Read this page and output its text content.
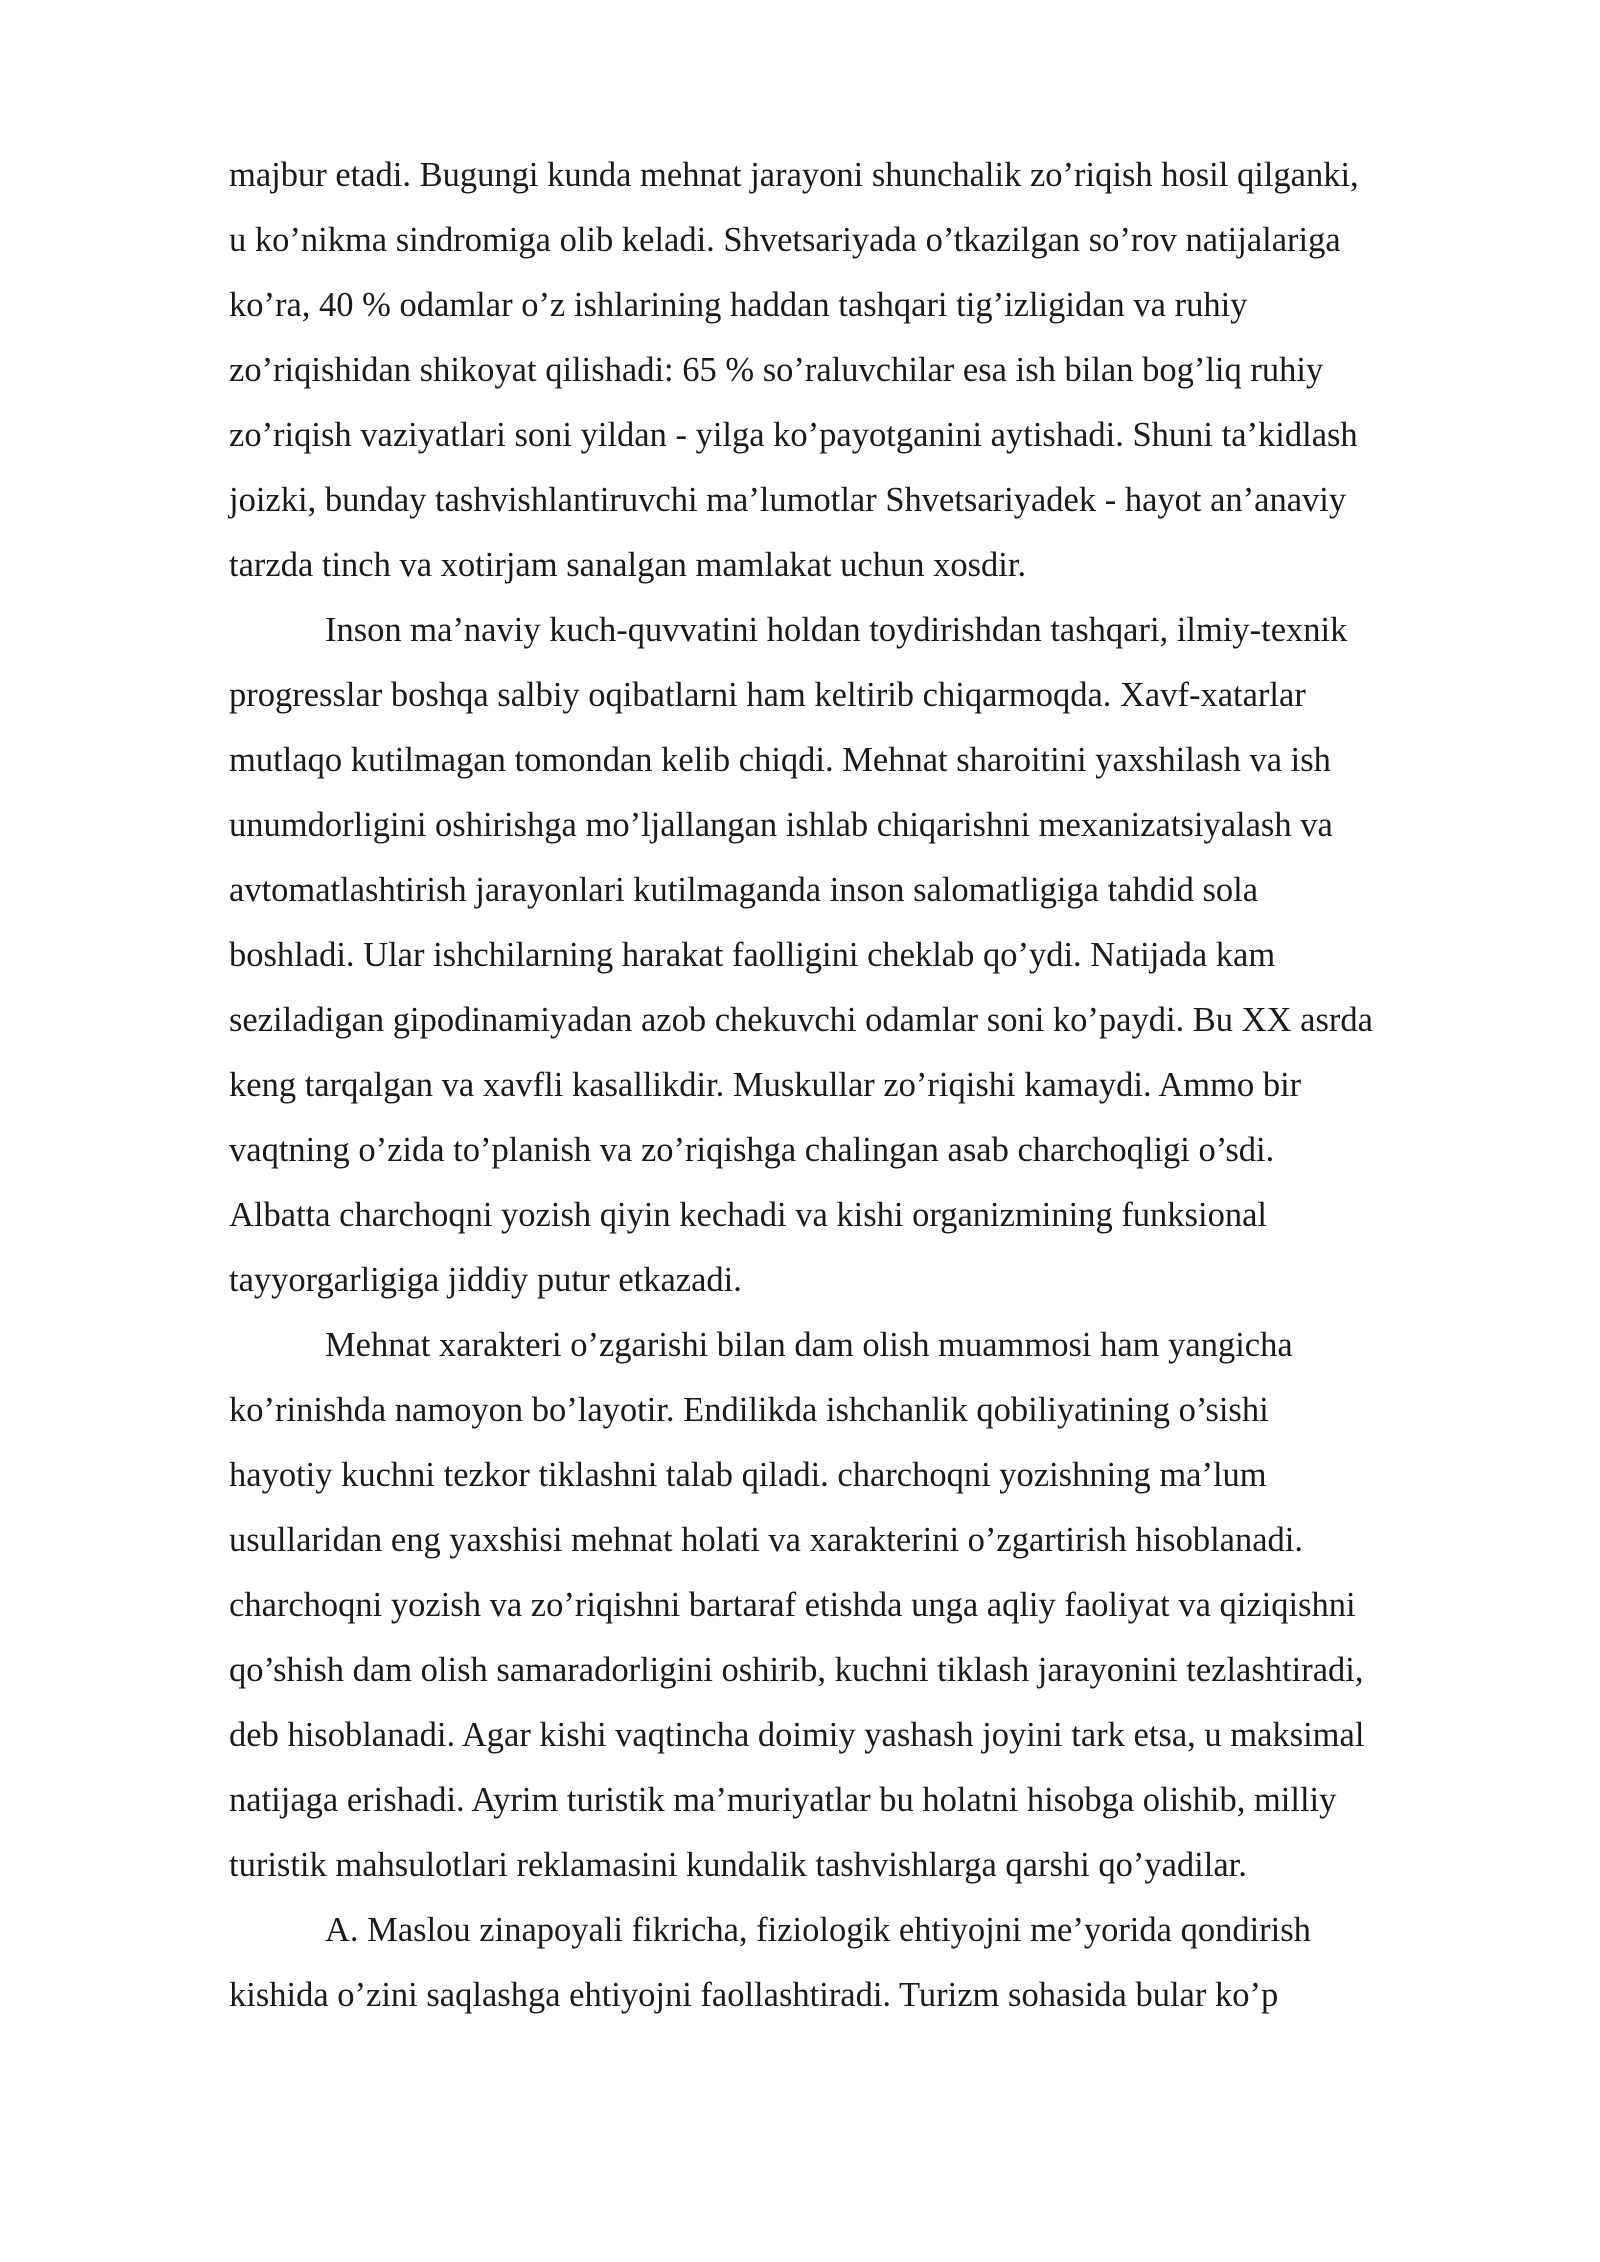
majbur etadi. Bugungi kunda mehnat jarayoni shunchalik zo’riqish hosil qilganki,
u ko’nikma sindromiga olib keladi. Shvetsariyada o’tkazilgan so’rov natijalariga
ko’ra, 40 % odamlar o’z ishlarining haddan tashqari tig’izligidan va ruhiy
zo’riqishidan shikoyat qilishadi: 65 % so’raluvchilar esa ish bilan bog’liq ruhiy
zo’riqish vaziyatlari soni yildan - yilga ko’payotganini aytishadi. Shuni ta’kidlash
joizki, bunday tashvishlantiruvchi ma’lumotlar Shvetsariyadek - hayot an’anaviy
tarzda tinch va xotirjam sanalgan mamlakat uchun xosdir.
Inson ma’naviy kuch-quvvatini holdan toydirishdan tashqari, ilmiy-texnik
progresslar boshqa salbiy oqibatlarni ham keltirib chiqarmoqda. Xavf-xatarlar
mutlaqo kutilmagan tomondan kelib chiqdi. Mehnat sharoitini yaxshilash va ish
unumdorligini oshirishga mo’ljallangan ishlab chiqarishni mexanizatsiyalash va
avtomatlashtirish jarayonlari kutilmaganda inson salomatligiga tahdid sola
boshladi. Ular ishchilarning harakat faolligini cheklab qo’ydi. Natijada kam
seziladigan gipodinamiyadan azob chekuvchi odamlar soni ko’paydi. Bu XX asrda
keng tarqalgan va xavfli kasallikdir. Muskullar zo’riqishi kamaydi. Ammo bir
vaqtning o’zida to’planish va zo’riqishga chalingan asab charchoqligi o’sdi.
Albatta charchoqni yozish qiyin kechadi va kishi organizmining funksional
tayyorgarligiga jiddiy putur etkazadi.
Mehnat xarakteri o’zgarishi bilan dam olish muammosi ham yangicha
ko’rinishda namoyon bo’layotir. Endilikda ishchanlik qobiliyatining o’sishi
hayotiy kuchni tezkor tiklashni talab qiladi. charchoqni yozishning ma’lum
usullaridan eng yaxshisi mehnat holati va xarakterini o’zgartirish hisoblanadi.
charchoqni yozish va zo’riqishni bartaraf etishda unga aqliy faoliyat va qiziqishni
qo’shish dam olish samaradorligini oshirib, kuchni tiklash jarayonini tezlashtiradi,
deb hisoblanadi. Agar kishi vaqtincha doimiy yashash joyini tark etsa, u maksimal
natijaga erishadi. Ayrim turistik ma’muriyatlar bu holatni hisobga olishib, milliy
turistik mahsulotlari reklamasini kundalik tashvishlarga qarshi qo’yadilar.
A. Maslou zinapoyali fikricha, fiziologik ehtiyojni me’yorida qondirish
kishida o’zini saqlashga ehtiyojni faollashtiradi. Turizm sohasida bular ko’p
